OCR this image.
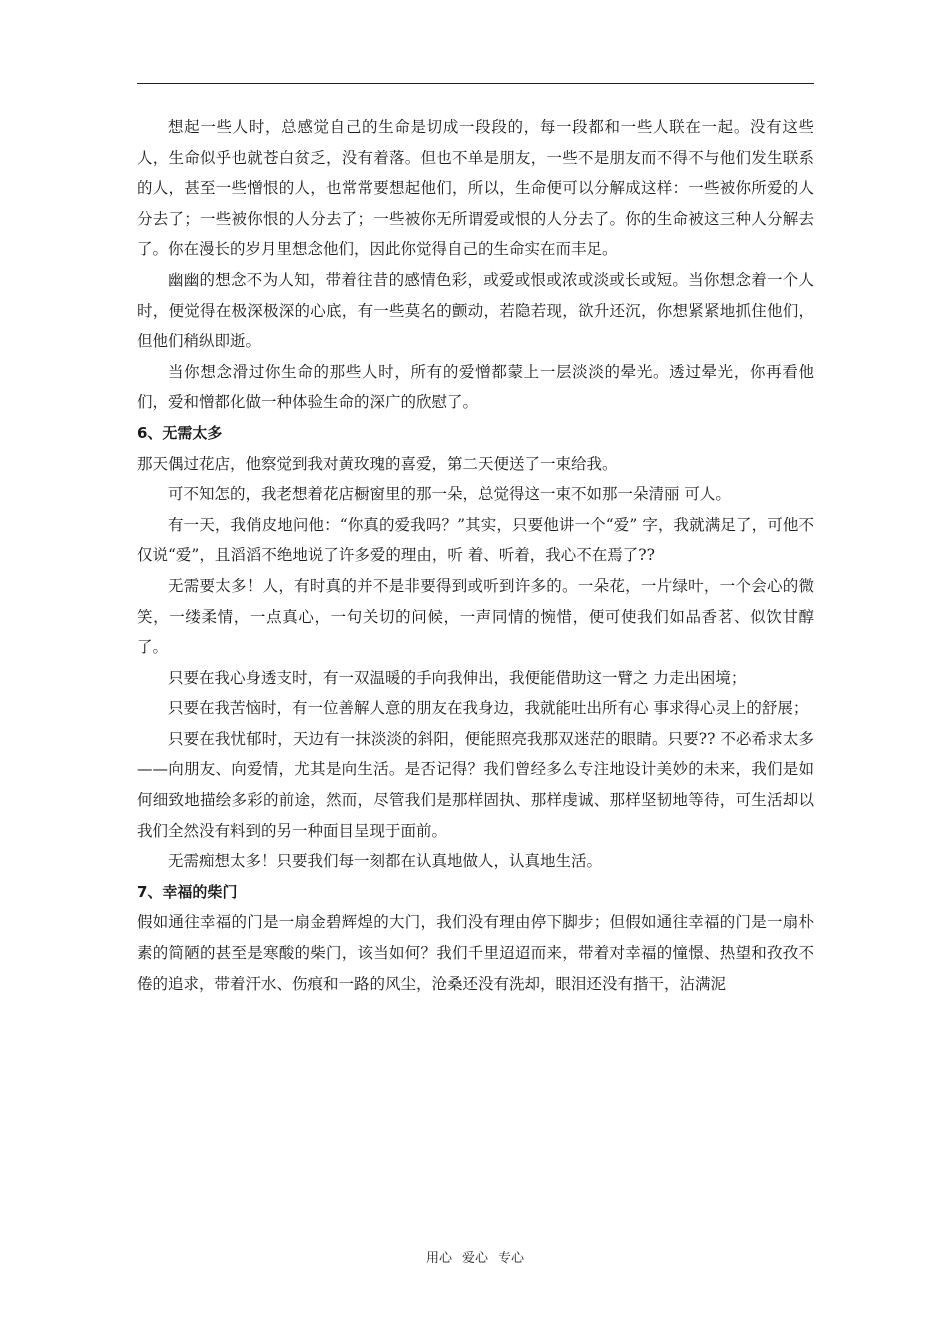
想起一些人时，总感觉自己的生命是切成一段段的，每一段都和一些人联在一起。没有这些人，生命似乎也就苍白贫乏，没有着落。但也不单是朋友，一些不是朋友而不得不与他们发生联系的人，甚至一些憎恨的人，也常常要想起他们，所以，生命便可以分解成这样：一些被你所爱的人分去了；一些被你恨的人分去了；一些被你无所谓爱或恨的人分去了。你的生命被这三种人分解去了。你在漫长的岁月里想念他们，因此你觉得自己的生命实在而丰足。

幽幽的想念不为人知，带着往昔的感情色彩，或爱或恨或浓或淡或长或短。当你想念着一个人时，便觉得在极深极深的心底，有一些莫名的颤动，若隐若现，欲升还沉，你想紧紧地抓住他们，但他们稍纵即逝。

当你想念滑过你生命的那些人时，所有的爱憎都蒙上一层淡淡的晕光。透过晕光，你再看他们，爱和憎都化做一种体验生命的深广的欣慰了。

6、无需太多

那天偶过花店，他察觉到我对黄玫瑰的喜爱，第二天便送了一束给我。

可不知怎的，我老想着花店橱窗里的那一朵，总觉得这一束不如那一朵清丽 可人。

有一天，我俏皮地问他：“你真的爱我吗？”其实，只要他讲一个“爱” 字，我就满足了，可他不仅说“爱”，且滔滔不绝地说了许多爱的理由，听 着、听着，我心不在焉了??

无需要太多！人，有时真的并不是非要得到或听到许多的。一朵花，一片绿叶，一个会心的微笑，一缕柔情，一点真心，一句关切的问候，一声同情的惋惜，便可使我们如品香茗、似饮甘醇了。

只要在我心身透支时，有一双温暖的手向我伸出，我便能借助这一臂之 力走出困境；

只要在我苦恼时，有一位善解人意的朋友在我身边，我就能吐出所有心 事求得心灵上的舒展；

只要在我忧郁时，天边有一抹淡淡的斜阳，便能照亮我那双迷茫的眼睛。只要?? 不必希求太多——向朋友、向爱情，尤其是向生活。是否记得？我们曾经多么专注地设计美妙的未来，我们是如何细致地描绘多彩的前途，然而，尽管我们是那样固执、那样虔诚、那样坚韧地等待，可生活却以我们全然没有料到的另一种面目呈现于面前。

无需痴想太多！只要我们每一刻都在认真地做人，认真地生活。

7、幸福的柴门

假如通往幸福的门是一扇金碧辉煌的大门，我们没有理由停下脚步；但假如通往幸福的门是一扇朴素的简陋的甚至是寒酸的柴门，该当如何？我们千里迢迢而来，带着对幸福的憧憬、热望和孜孜不倦的追求，带着汗水、伤痕和一路的风尘，沧桑还没有洗却，眼泪还没有揩干，沾满泥

用心 爱心 专心
